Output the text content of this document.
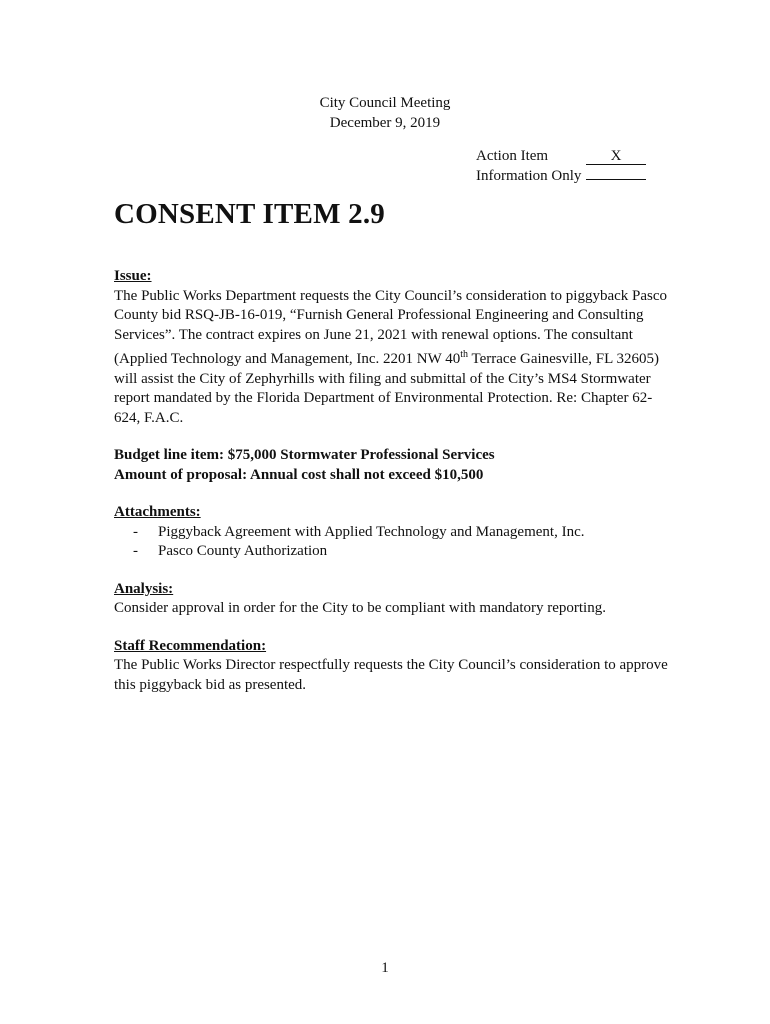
City Council Meeting
December 9, 2019
Action Item	X
Information Only
CONSENT ITEM 2.9
Issue:
The Public Works Department requests the City Council’s consideration to piggyback Pasco County bid RSQ-JB-16-019, “Furnish General Professional Engineering and Consulting Services”. The contract expires on June 21, 2021 with renewal options. The consultant (Applied Technology and Management, Inc. 2201 NW 40th Terrace Gainesville, FL 32605) will assist the City of Zephyrhills with filing and submittal of the City’s MS4 Stormwater report mandated by the Florida Department of Environmental Protection. Re: Chapter 62-624, F.A.C.
Budget line item: $75,000 Stormwater Professional Services
Amount of proposal: Annual cost shall not exceed $10,500
Attachments:
- Piggyback Agreement with Applied Technology and Management, Inc.
- Pasco County Authorization
Analysis:
Consider approval in order for the City to be compliant with mandatory reporting.
Staff Recommendation:
The Public Works Director respectfully requests the City Council’s consideration to approve this piggyback bid as presented.
1
